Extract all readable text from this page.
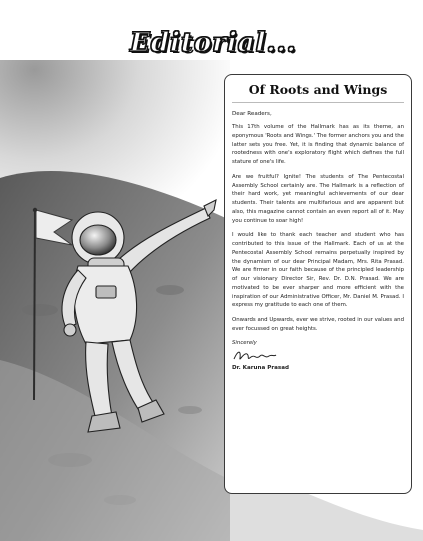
Editorial...
Of Roots and Wings
Dear Readers,

This 17th volume of the Hallmark has as its theme, an eponymous 'Roots and Wings.' The former anchors you and the latter sets you free. Yet, it is finding that dynamic balance of rootedness with one's exploratory flight which defines the full stature of one's life.

Are we fruitful? Ignite! The students of The Pentecostal Assembly School certainly are. The Hallmark is a reflection of their hard work, yet meaningful achievements of our dear students. Their talents are multifarious and are apparent but also, this magazine cannot contain an even report all of it. May you continue to soar high!

I would like to thank each teacher and student who has contributed to this issue of the Hallmark. Each of us at the Pentecostal Assembly School remains perpetually inspired by the dynamism of our dear Principal Madam, Mrs. Rita Prasad. We are firmer in our faith because of the principled leadership of our visionary Director Sir, Rev. Dr. D.N. Prasad. We are motivated to be ever sharper and more efficient with the inspiration of our Administrative Officer, Mr. Daniel M. Prasad. I express my gratitude to each one of them.

Onwards and Upwards, ever we strive, rooted in our values and ever focussed on great heights.

Sincerely
Dr. Karuna Prasad
